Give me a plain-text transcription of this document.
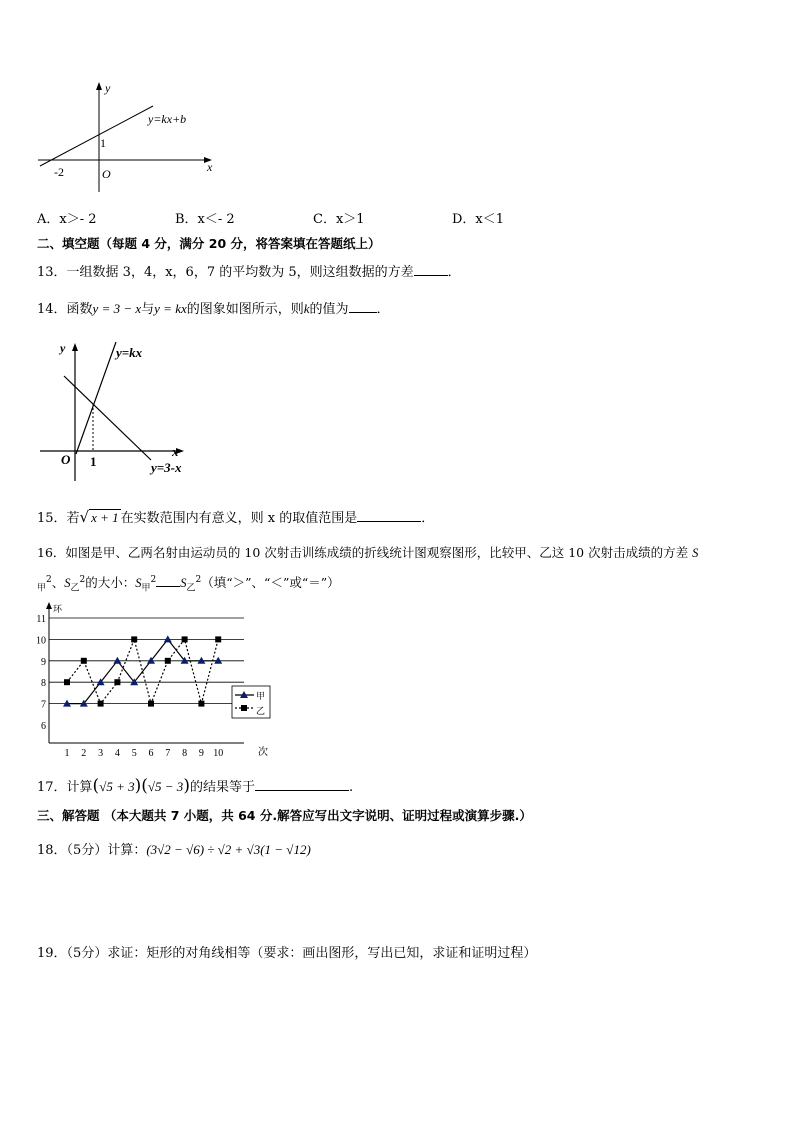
y
x
O
1
-2
y=kx+b
A．x＞- 2	B．x＜- 2	C．x＞1	D．x＜1
二、填空题（每题 4 分，满分 20 分，将答案填在答题纸上）
13．一组数据 3，4，x，6，7 的平均数为 5，则这组数据的方差	．
14．函数y = 3 − x与y = kx的图象如图所示，则k的值为 ．
y
x
O 1
y=kx
y=3-x
15．若√ x + 1 在实数范围内有意义，则 x 的取值范围是	．
16．如图是甲、乙两名射由运动员的 10 次射击训练成绩的折线统计图观察图形，比较甲、乙这 10 次射击成绩的方差 S
$_甲^2$、$S_乙^2$的大小：$S_甲^2$ $S_乙^2$（填“＞”、“＜”或“＝”）
6
7
8
9
10
11
环
1 2 3 4 5 6 7 8 9 10	次
甲
乙
17．计算(√5 + 3)(√5 − 3)的结果等于	.
三、解答题 （本大题共 7 小题，共 64 分.解答应写出文字说明、证明过程或演算步骤.）
18．（5分）计算：(3√2 − √6) ÷ √2 + √3(1 − √12)
19．（5分）求证：矩形的对角线相等（要求：画出图形，写出已知，求证和证明过程）
